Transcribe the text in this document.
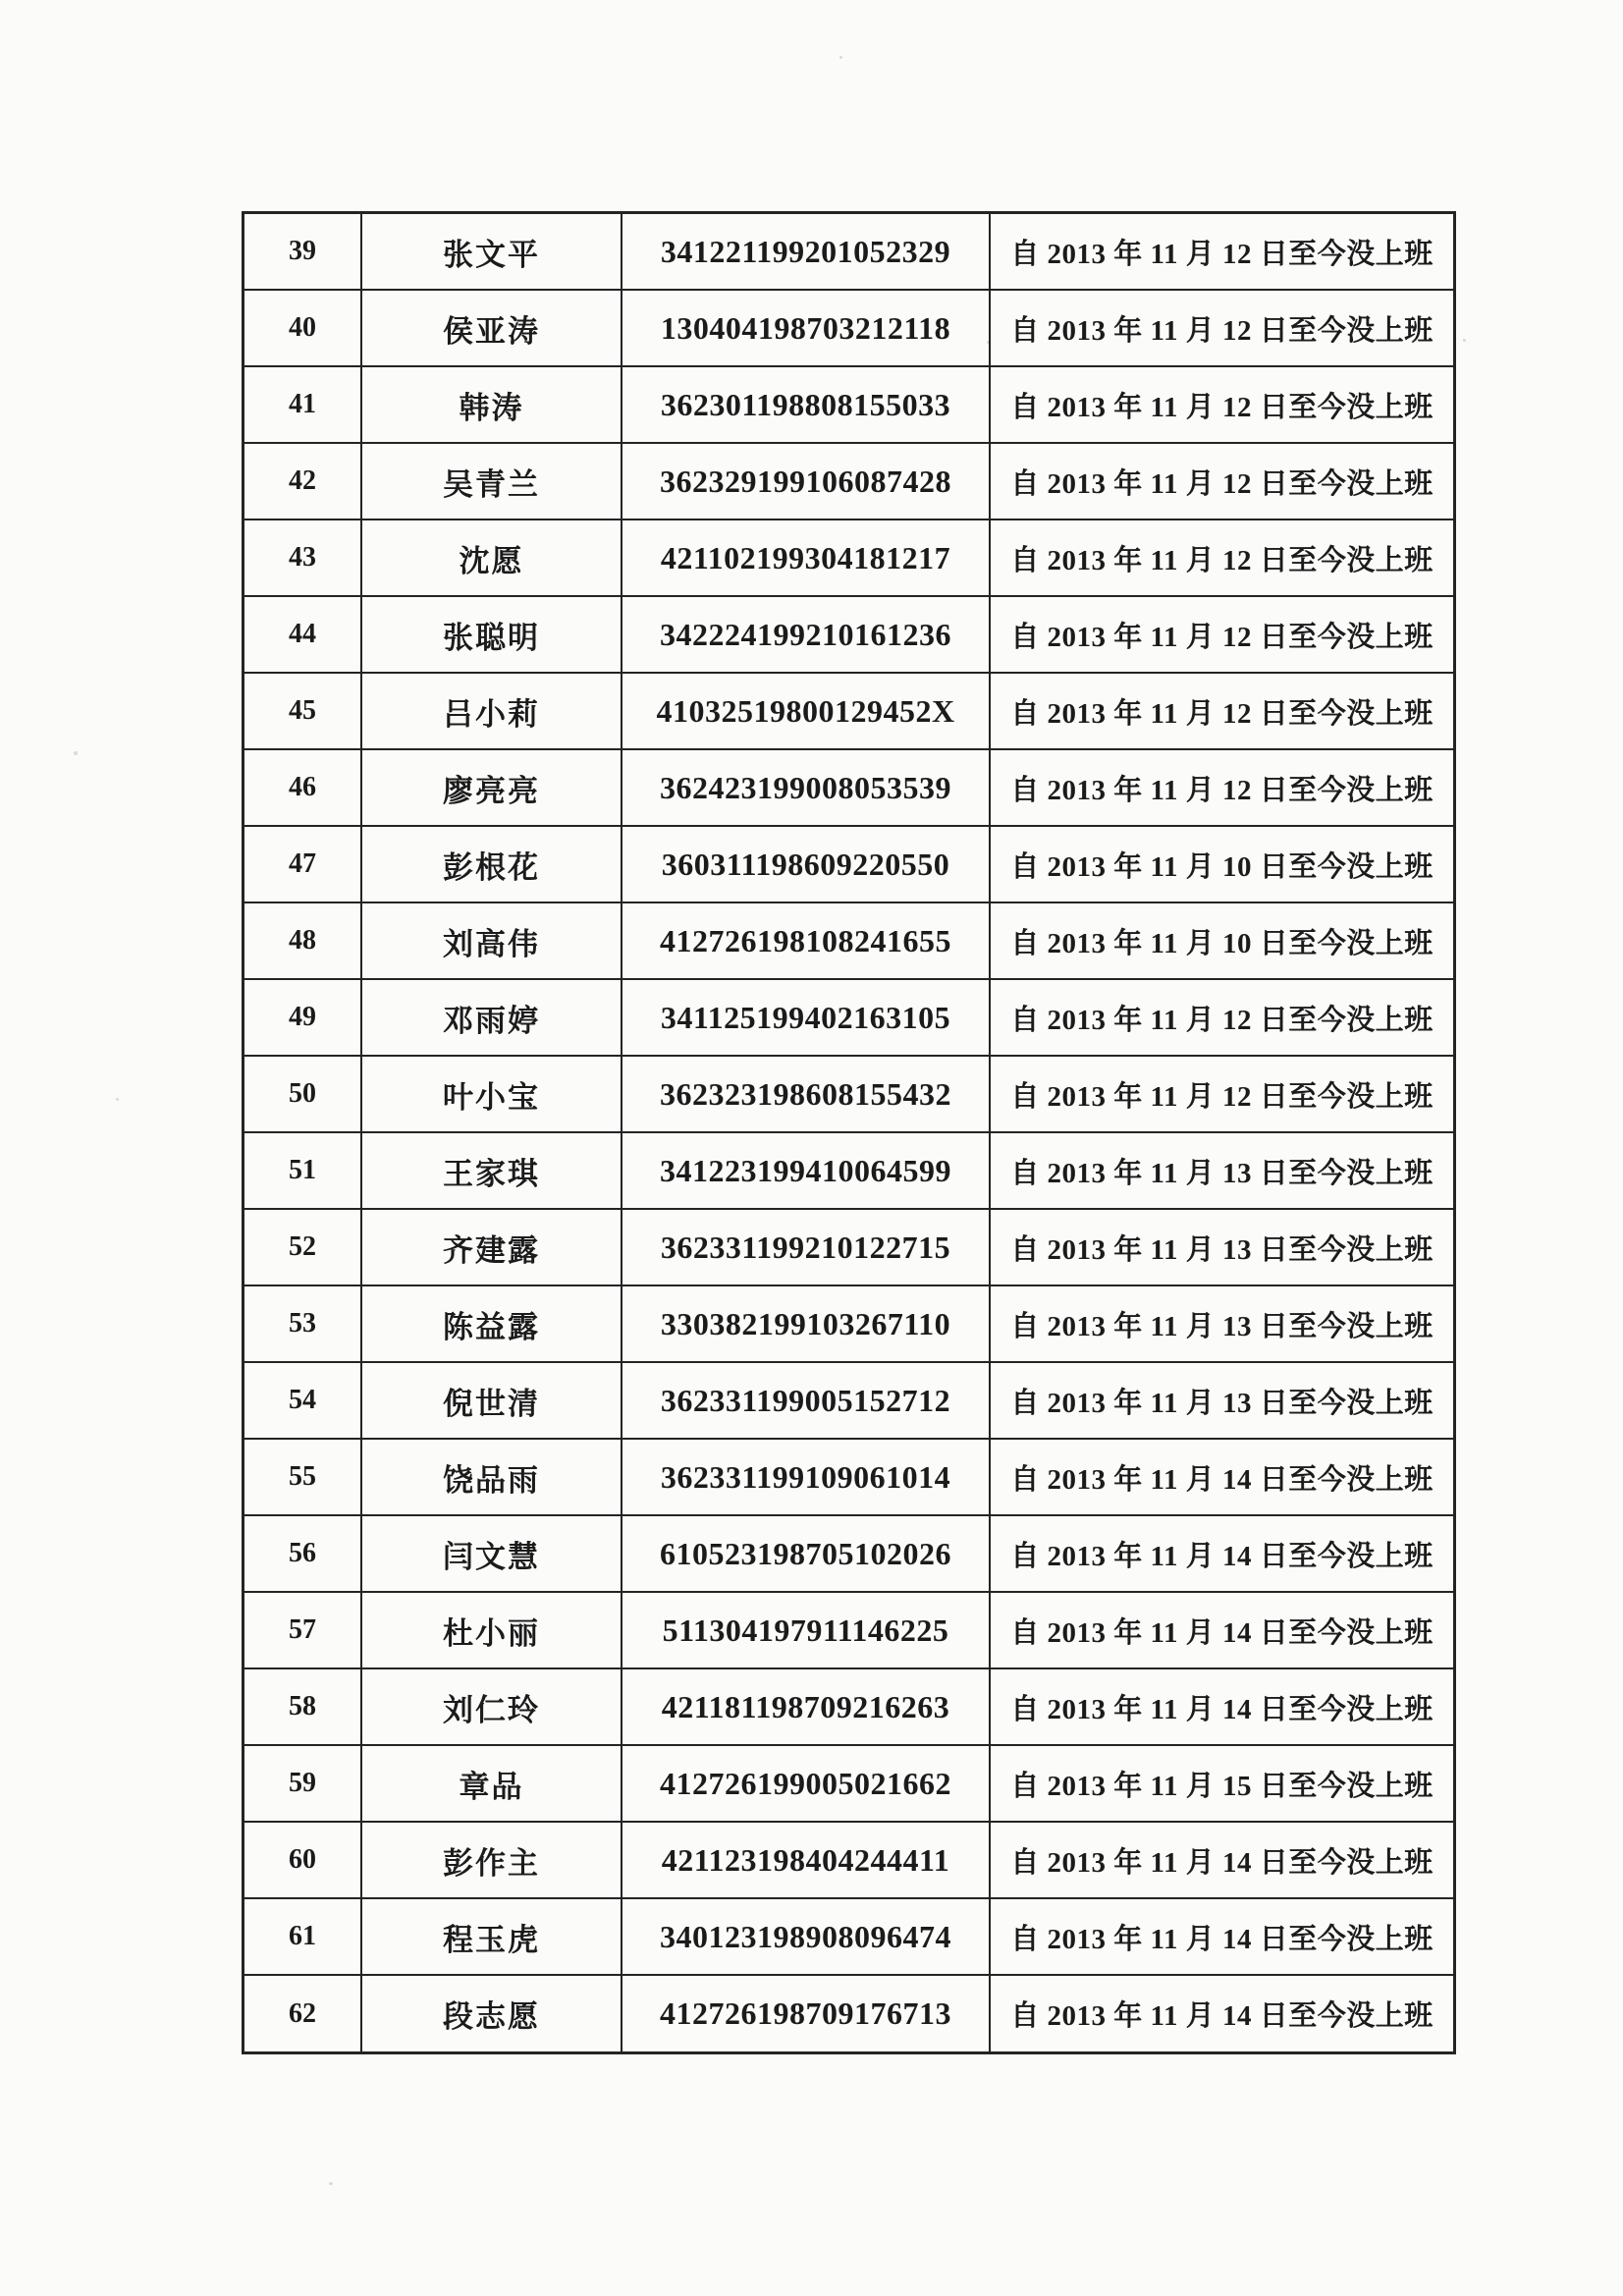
39	张文平	341221199201052329	自 2013 年 11 月 12 日至今没上班
40	侯亚涛	130404198703212118	自 2013 年 11 月 12 日至今没上班
41	韩涛	362301198808155033	自 2013 年 11 月 12 日至今没上班
42	吴青兰	362329199106087428	自 2013 年 11 月 12 日至今没上班
43	沈愿	421102199304181217	自 2013 年 11 月 12 日至今没上班
44	张聪明	342224199210161236	自 2013 年 11 月 12 日至今没上班
45	吕小莉	41032519800129452X	自 2013 年 11 月 12 日至今没上班
46	廖亮亮	362423199008053539	自 2013 年 11 月 12 日至今没上班
47	彭根花	360311198609220550	自 2013 年 11 月 10 日至今没上班
48	刘高伟	412726198108241655	自 2013 年 11 月 10 日至今没上班
49	邓雨婷	341125199402163105	自 2013 年 11 月 12 日至今没上班
50	叶小宝	362323198608155432	自 2013 年 11 月 12 日至今没上班
51	王家琪	341223199410064599	自 2013 年 11 月 13 日至今没上班
52	齐建露	362331199210122715	自 2013 年 11 月 13 日至今没上班
53	陈益露	330382199103267110	自 2013 年 11 月 13 日至今没上班
54	倪世清	362331199005152712	自 2013 年 11 月 13 日至今没上班
55	饶品雨	362331199109061014	自 2013 年 11 月 14 日至今没上班
56	闫文慧	610523198705102026	自 2013 年 11 月 14 日至今没上班
57	杜小丽	511304197911146225	自 2013 年 11 月 14 日至今没上班
58	刘仁玲	421181198709216263	自 2013 年 11 月 14 日至今没上班
59	章品	412726199005021662	自 2013 年 11 月 15 日至今没上班
60	彭作主	421123198404244411	自 2013 年 11 月 14 日至今没上班
61	程玉虎	340123198908096474	自 2013 年 11 月 14 日至今没上班
62	段志愿	412726198709176713	自 2013 年 11 月 14 日至今没上班
